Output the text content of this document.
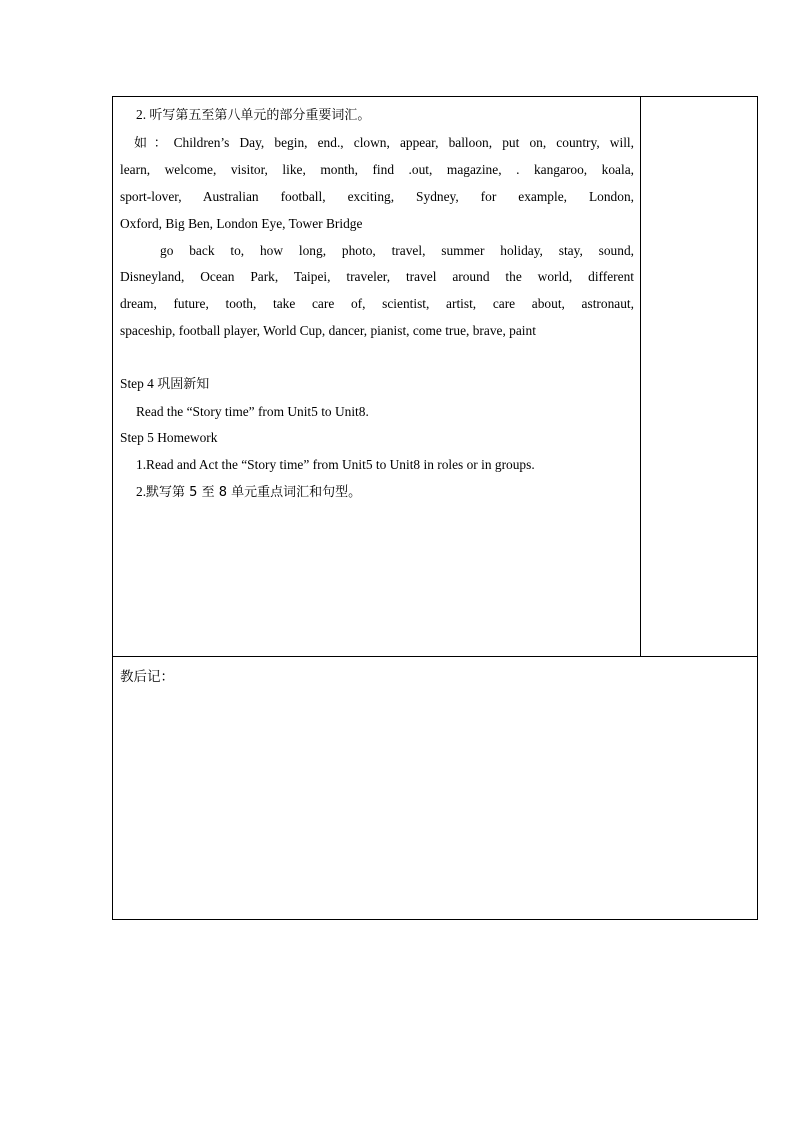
2. 听写第五至第八单元的部分重要词汇。
如：Children’s Day, begin, end., clown, appear, balloon, put on, country, will,
learn, welcome, visitor, like, month, find .out, magazine, . kangaroo, koala,
sport-lover, Australian football, exciting, Sydney, for example, London,
Oxford, Big Ben, London Eye, Tower Bridge
go back to, how long, photo, travel, summer holiday, stay, sound,
Disneyland, Ocean Park, Taipei, traveler, travel around the world, different
dream, future, tooth, take care of, scientist, artist, care about, astronaut,
spaceship, football player, World Cup, dancer, pianist, come true, brave, paint
Step 4 巩固新知
Read the “Story time” from Unit5 to Unit8.
Step 5 Homework
1.Read and Act the “Story time” from Unit5 to Unit8 in roles or in groups.
2.默写第 5 至 8 单元重点词汇和句型。

教后记：
